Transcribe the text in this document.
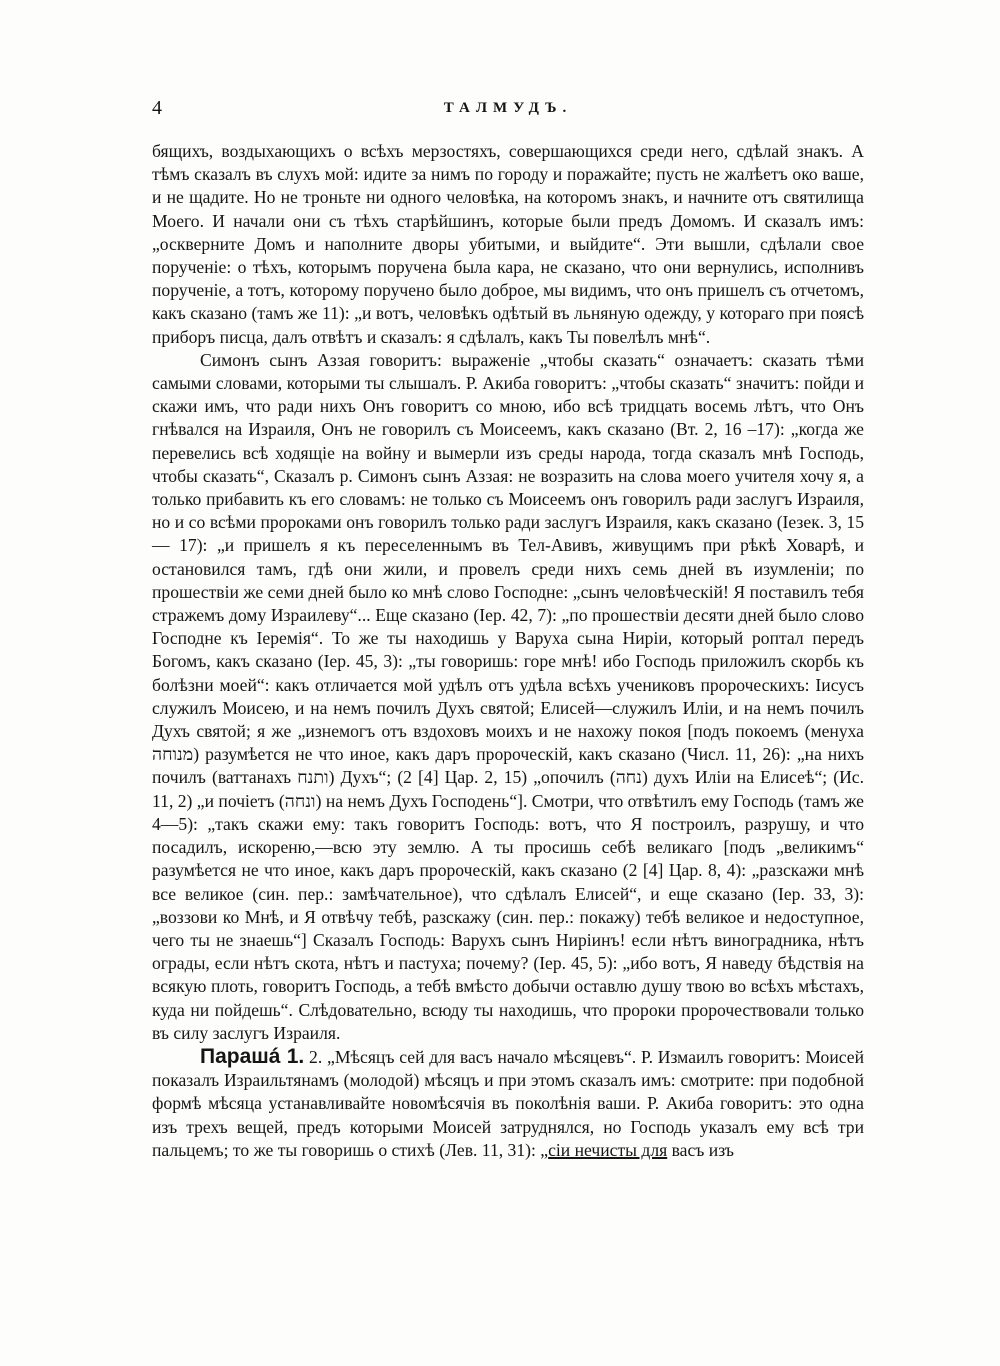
4	ТАЛМУДЪ.

бящихъ, воздыхающихъ о всѣхъ мерзостяхъ, совершающихся среди него, сдѣлай знакъ. А тѣмъ сказалъ въ слухъ мой: идите за нимъ по городу и поражайте; пусть не жалѣетъ око ваше, и не щадите. Но не троньте ни одного человѣка, на которомъ знакъ, и начните отъ святилища Моего. И начали они съ тѣхъ старѣйшинъ, которые были предъ Домомъ. И сказалъ имъ: „оскверните Домъ и наполните дворы убитыми, и выйдите“. Эти вышли, сдѣлали свое порученіе: о тѣхъ, которымъ поручена была кара, не сказано, что они вернулись, исполнивъ порученіе, а тотъ, которому поручено было доброе, мы видимъ, что онъ пришелъ съ отчетомъ, какъ сказано (тамъ же 11): „и вотъ, человѣкъ одѣтый въ льняную одежду, у котораго при поясѣ приборъ писца, далъ отвѣтъ и сказалъ: я сдѣлалъ, какъ Ты повелѣлъ мнѣ“.

Симонъ сынъ Аззая говоритъ: выраженіе „чтобы сказать“ означаетъ: сказать тѣми самыми словами, которыми ты слышалъ. Р. Акиба говоритъ: „чтобы сказать“ значитъ: пойди и скажи имъ, что ради нихъ Онъ говоритъ со мною, ибо всѣ тридцать восемь лѣтъ, что Онъ гнѣвался на Израиля, Онъ не говорилъ съ Моисеемъ, какъ сказано (Вт. 2, 16 –17): „когда же перевелись всѣ ходящіе на войну и вымерли изъ среды народа, тогда сказалъ мнѣ Господь, чтобы сказать“, Сказалъ р. Симонъ сынъ Аззая: не возразить на слова моего учителя хочу я, а только прибавить къ его словамъ: не только съ Моисеемъ онъ говорилъ ради заслугъ Израиля, но и со всѣми пророками онъ говорилъ только ради заслугъ Израиля, какъ сказано (Іезек. 3, 15 — 17): „и пришелъ я къ переселеннымъ въ Тел-Авивъ, живущимъ при рѣкѣ Ховарѣ, и остановился тамъ, гдѣ они жили, и провелъ среди нихъ семь дней въ изумленіи; по прошествіи же семи дней было ко мнѣ слово Господне: „сынъ человѣческій! Я поставилъ тебя стражемъ дому Израилеву“... Еще сказано (Іер. 42, 7): „по прошествіи десяти дней было слово Господне къ Іеремія“. То же ты находишь у Варуха сына Ниріи, который роптал передъ Богомъ, какъ сказано (Іер. 45, 3): „ты говоришь: горе мнѣ! ибо Господь приложилъ скорбь къ болѣзни моей“: какъ отличается мой удѣлъ отъ удѣла всѣхъ учениковъ пророческихъ: Іисусъ служилъ Моисею, и на немъ почилъ Духъ святой; Елисей—служилъ Иліи, и на немъ почилъ Духъ святой; я же „изнемогъ отъ вздоховъ моихъ и не нахожу покоя [подъ покоемъ (менуха מנוחה) разумѣется не что иное, какъ даръ пророческій, какъ сказано (Числ. 11, 26): „на нихъ почилъ (ваттанахъ ותנח) Духъ“; (2 [4] Цар. 2, 15) „опочилъ (נחה) духъ Иліи на Елисеѣ“; (Ис. 11, 2) „и почіетъ (ונחה) на немъ Духъ Господень“]. Смотри, что отвѣтилъ ему Господь (тамъ же 4—5): „такъ скажи ему: такъ говоритъ Господь: вотъ, что Я построилъ, разрушу, и что посадилъ, искореню,—всю эту землю. А ты просишь себѣ великаго [подъ „великимъ“ разумѣется не что иное, какъ даръ пророческій, какъ сказано (2 [4] Цар. 8, 4): „разскажи мнѣ все великое (син. пер.: замѣчательное), что сдѣлалъ Елисей“, и еще сказано (Іер. 33, 3): „воззови ко Мнѣ, и Я отвѣчу тебѣ, разскажу (син. пер.: покажу) тебѣ великое и недоступное, чего ты не знаешь“] Сказалъ Господь: Варухъ сынъ Ниріинъ! если нѣтъ виноградника, нѣтъ ограды, если нѣтъ скота, нѣтъ и пастуха; почему? (Іер. 45, 5): „ибо вотъ, Я наведу бѣдствія на всякую плоть, говоритъ Господь, а тебѣ вмѣсто добычи оставлю душу твою во всѣхъ мѣстахъ, куда ни пойдешь“. Слѣдовательно, всюду ты находишь, что пророки пророчествовали только въ силу заслугъ Израиля.

Парашá 1. 2. „Мѣсяцъ сей для васъ начало мѣсяцевъ“. Р. Измаилъ говоритъ: Моисей показалъ Израильтянамъ (молодой) мѣсяцъ и при этомъ сказалъ имъ: смотрите: при подобной формѣ мѣсяца устанавливайте новомѣсячія въ поколѣнія ваши. Р. Акиба говоритъ: это одна изъ трехъ вещей, предъ которыми Моисей затруднялся, но Господь указалъ ему всѣ три пальцемъ; то же ты говоришь о стихѣ (Лев. 11, 31): „сіи нечисты для васъ изъ
